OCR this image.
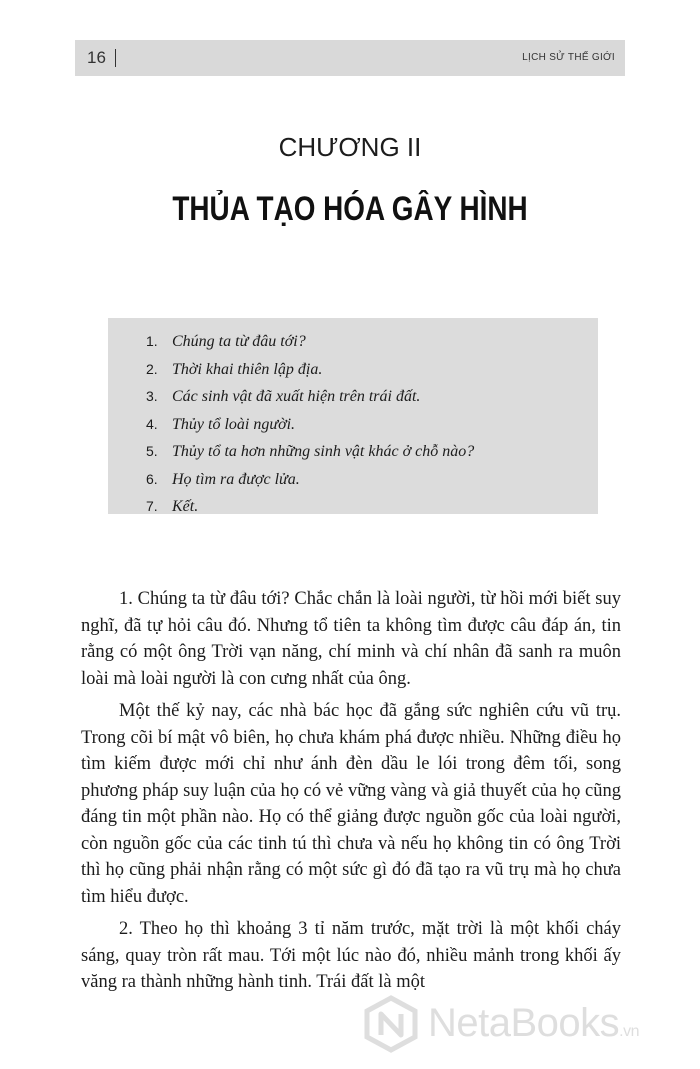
16	LỊCH SỬ THẾ GIỚI
CHƯƠNG II
THỦA TẠO HÓA GÂY HÌNH
1. Chúng ta từ đâu tới?
2. Thời khai thiên lập địa.
3. Các sinh vật đã xuất hiện trên trái đất.
4. Thủy tổ loài người.
5. Thủy tổ ta hơn những sinh vật khác ở chỗ nào?
6. Họ tìm ra được lửa.
7. Kết.

1. Chúng ta từ đâu tới? Chắc chắn là loài người, từ hồi mới biết suy nghĩ, đã tự hỏi câu đó. Nhưng tổ tiên ta không tìm được câu đáp án, tin rằng có một ông Trời vạn năng, chí minh và chí nhân đã sanh ra muôn loài mà loài người là con cưng nhất của ông.

Một thế kỷ nay, các nhà bác học đã gắng sức nghiên cứu vũ trụ. Trong cõi bí mật vô biên, họ chưa khám phá được nhiều. Những điều họ tìm kiếm được mới chỉ như ánh đèn dầu le lói trong đêm tối, song phương pháp suy luận của họ có vẻ vững vàng và giả thuyết của họ cũng đáng tin một phần nào. Họ có thể giảng được nguồn gốc của loài người, còn nguồn gốc của các tinh tú thì chưa và nếu họ không tin có ông Trời thì họ cũng phải nhận rằng có một sức gì đó đã tạo ra vũ trụ mà họ chưa tìm hiểu được.

2. Theo họ thì khoảng 3 tỉ năm trước, mặt trời là một khối cháy sáng, quay tròn rất mau. Tới một lúc nào đó, nhiều mảnh trong khối ấy văng ra thành những hành tinh. Trái đất là một

NetaBooks.vn
